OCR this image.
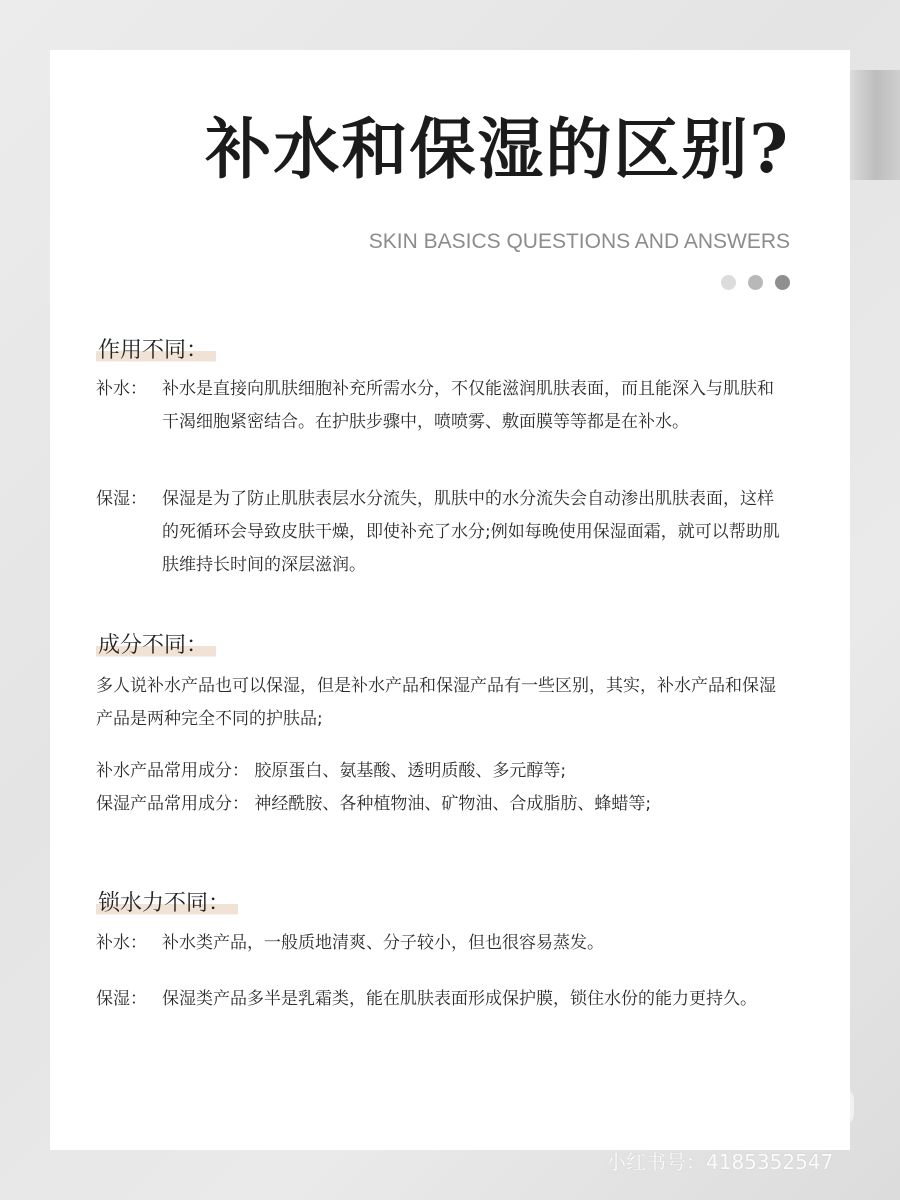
补水和保湿的区别?
SKIN BASICS QUESTIONS AND ANSWERS
作用不同：
补水： 补水是直接向肌肤细胞补充所需水分，不仅能滋润肌肤表面，而且能深入与肌肤和干渴细胞紧密结合。在护肤步骤中，喷喷雾、敷面膜等等都是在补水。
保湿： 保湿是为了防止肌肤表层水分流失，肌肤中的水分流失会自动渗出肌肤表面，这样的死循环会导致皮肤干燥，即使补充了水分;例如每晚使用保湿面霜，就可以帮助肌肤维持长时间的深层滋润。
成分不同：
多人说补水产品也可以保湿，但是补水产品和保湿产品有一些区别，其实，补水产品和保湿产品是两种完全不同的护肤品;
补水产品常用成分： 胶原蛋白、氨基酸、透明质酸、多元醇等;
保湿产品常用成分： 神经酰胺、各种植物油、矿物油、合成脂肪、蜂蜡等;
锁水力不同：
补水： 补水类产品，一般质地清爽、分子较小，但也很容易蒸发。
保湿： 保湿类产品多半是乳霜类，能在肌肤表面形成保护膜，锁住水份的能力更持久。
小红书
小红书号：4185352547
